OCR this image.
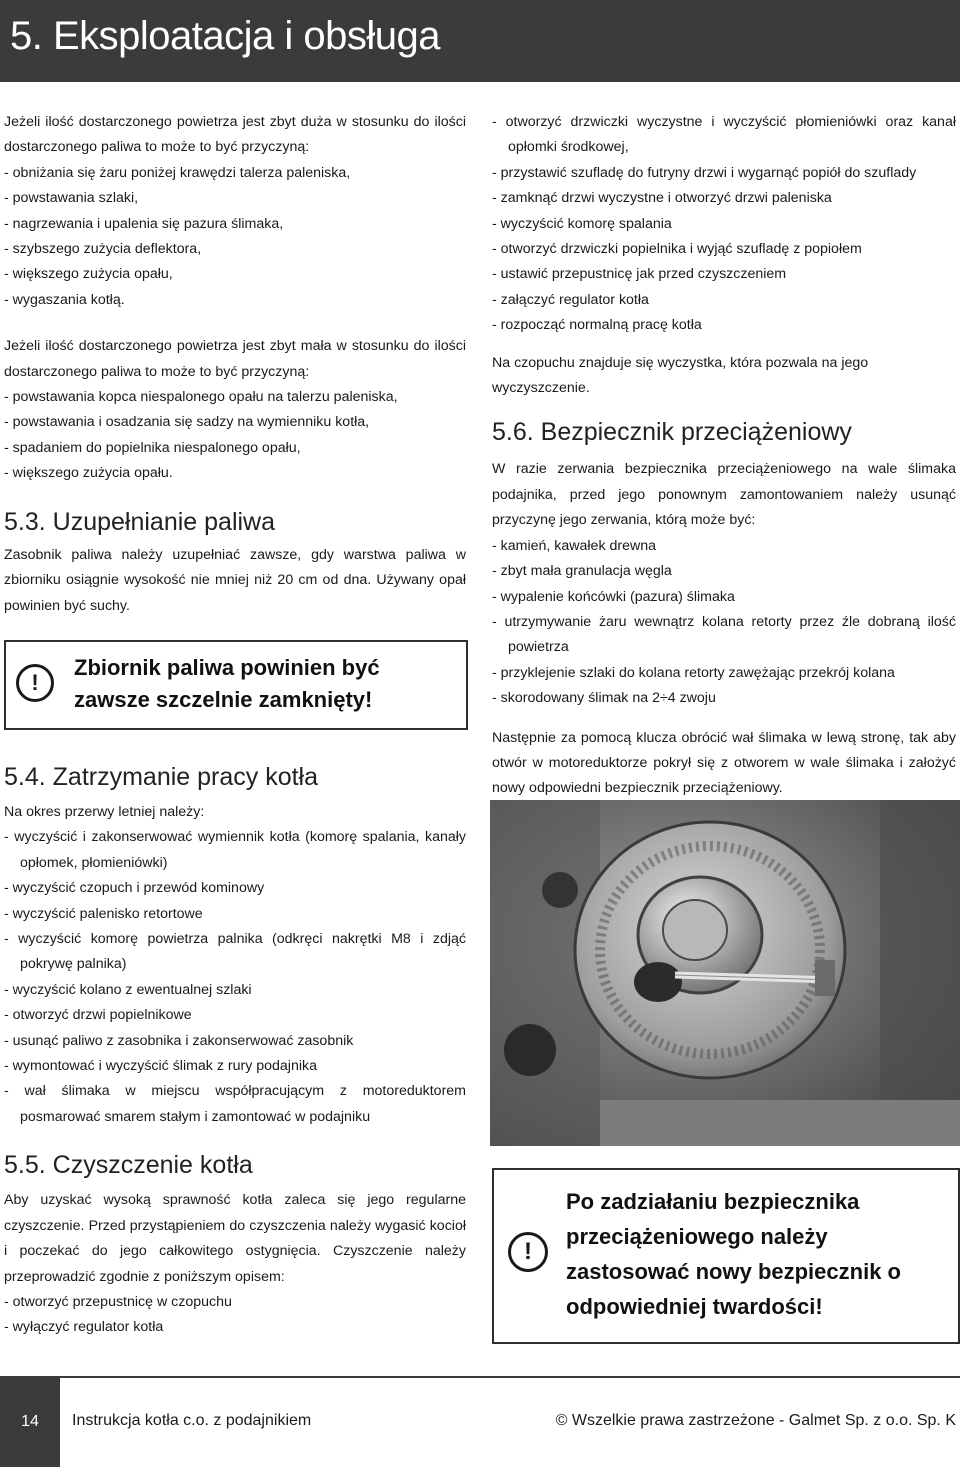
5. Eksploatacja i obsługa

Jeżeli ilość dostarczonego powietrza jest zbyt duża w stosunku do ilości dostarczonego paliwa to może to być przyczyną:

- obniżania się żaru poniżej krawędzi talerza paleniska,

- powstawania szlaki,

- nagrzewania i upalenia się pazura ślimaka,

- szybszego zużycia deflektora,

- większego zużycia opału,

- wygaszania kotłą.

Jeżeli ilość dostarczonego powietrza jest zbyt mała w stosunku do ilości dostarczonego paliwa to może to być przyczyną:

- powstawania kopca niespalonego opału na talerzu paleniska,

- powstawania i osadzania się sadzy na wymienniku kotła,

- spadaniem do popielnika niespalonego opału,

- większego zużycia opału.

5.3. Uzupełnianie paliwa

Zasobnik paliwa należy uzupełniać zawsze, gdy warstwa paliwa w zbiorniku osiągnie wysokość nie mniej niż 20 cm od dna. Używany opał powinien być suchy.

!
Zbiornik paliwa powinien być
zawsze szczelnie zamknięty!

5.4. Zatrzymanie pracy kotła

Na okres przerwy letniej należy:

- wyczyścić i zakonserwować wymiennik kotła (komorę spalania, kanały opłomek, płomieniówki)

- wyczyścić czopuch i przewód kominowy

- wyczyścić palenisko retortowe

- wyczyścić komorę powietrza palnika (odkręci nakrętki M8 i zdjąć pokrywę palnika)

- wyczyścić kolano z ewentualnej szlaki

- otworzyć drzwi popielnikowe

- usunąć paliwo z zasobnika i zakonserwować zasobnik

- wymontować i wyczyścić ślimak z rury podajnika

- wał ślimaka w miejscu współpracującym z motoreduktorem posmarować smarem stałym i zamontować w podajniku

5.5. Czyszczenie kotła

Aby uzyskać wysoką sprawność kotła zaleca się jego regularne czyszczenie. Przed przystąpieniem do czyszczenia należy wygasić kocioł i poczekać do jego całkowitego ostygnięcia. Czyszczenie należy przeprowadzić zgodnie z poniższym opisem:

- otworzyć przepustnicę w czopuchu

- wyłączyć regulator kotła

- otworzyć drzwiczki wyczystne i wyczyścić płomieniówki oraz kanał opłomki środkowej,

- przystawić szufladę do futryny drzwi i wygarnąć popiół do szuflady

- zamknąć drzwi wyczystne i otworzyć drzwi paleniska

- wyczyścić komorę spalania

- otworzyć drzwiczki popielnika i wyjąć szufladę z popiołem

- ustawić przepustnicę jak przed czyszczeniem

- załączyć regulator kotła

- rozpocząć normalną pracę kotła

Na czopuchu znajduje się wyczystka, która pozwala na jego wyczyszczenie.

5.6. Bezpiecznik przeciążeniowy

W razie zerwania bezpiecznika przeciążeniowego na wale ślimaka podajnika, przed jego ponownym zamontowaniem należy usunąć przyczynę jego zerwania, którą może być:

- kamień, kawałek drewna

- zbyt mała granulacja węgla

- wypalenie końcówki (pazura) ślimaka

- utrzymywanie żaru wewnątrz kolana retorty przez źle dobraną ilość powietrza

- przyklejenie szlaki do kolana retorty zawężając przekrój kolana

- skorodowany ślimak na 2÷4 zwoju

Następnie za pomocą klucza obrócić wał ślimaka w lewą stronę, tak aby otwór w motoreduktorze pokrył się z otworem w wale ślimaka i założyć nowy odpowiedni bezpiecznik przeciążeniowy.

!
Po zadziałaniu bezpiecznika
przeciążeniowego należy
zastosować nowy bezpiecznik o
odpowiedniej twardości!
14	Instrukcja kotła c.o. z podajnikiem	© Wszelkie prawa zastrzeżone - Galmet Sp. z o.o. Sp. K
